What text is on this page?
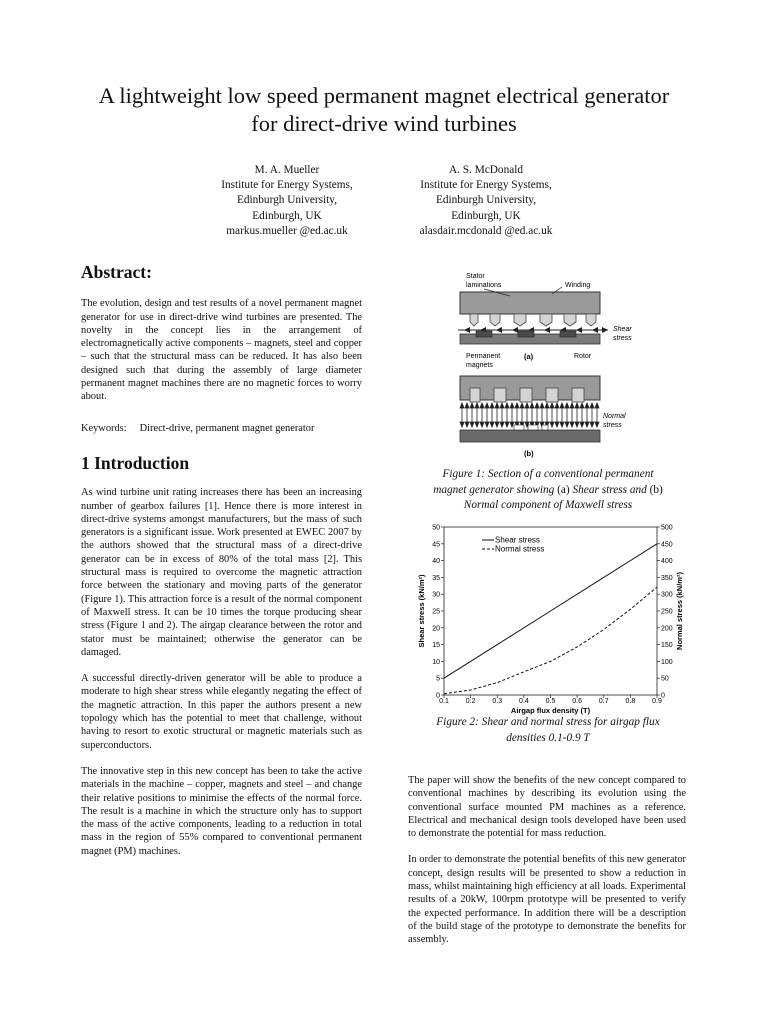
A lightweight low speed permanent magnet electrical generator
for direct-drive wind turbines
M. A. Mueller
Institute for Energy Systems,
Edinburgh University,
Edinburgh, UK
markus.mueller @ed.ac.uk
A. S. McDonald
Institute for Energy Systems,
Edinburgh University,
Edinburgh, UK
alasdair.mcdonald @ed.ac.uk
Abstract:

The evolution, design and test results of a novel permanent magnet generator for use in direct-drive wind turbines are presented. The novelty in the concept lies in the arrangement of electromagnetically active components – magnets, steel and copper – such that the structural mass can be reduced. It has also been designed such that during the assembly of large diameter permanent magnet machines there are no magnetic forces to worry about.

Keywords: Direct-drive, permanent magnet generator

1 Introduction

As wind turbine unit rating increases there has been an increasing number of gearbox failures [1]. Hence there is more interest in direct-drive systems amongst manufacturers, but the mass of such generators is a significant issue. Work presented at EWEC 2007 by the authors showed that the structural mass of a direct-drive generator can be in excess of 80% of the total mass [2]. This structural mass is required to overcome the magnetic attraction force between the stationary and moving parts of the generator (Figure 1). This attraction force is a result of the normal component of Maxwell stress. It can be 10 times the torque producing shear stress (Figure 1 and 2). The airgap clearance between the rotor and stator must be maintained; otherwise the generator can be damaged.

A successful directly-driven generator will be able to produce a moderate to high shear stress while elegantly negating the effect of the magnetic attraction. In this paper the authors present a new topology which has the potential to meet that challenge, without having to resort to exotic structural or magnetic materials such as superconductors.

The innovative step in this new concept has been to take the active materials in the machine – copper, magnets and steel – and change their relative positions to minimise the effects of the normal force. The result is a machine in which the structure only has to support the mass of the active components, leading to a reduction in total mass in the region of 55% compared to conventional permanent magnet (PM) machines.

Stator
laminations	Winding
Shear
stress
Permanent
magnets
(a)	Rotor
Normal
stress
(b)
Figure 1: Section of a conventional permanent
magnet generator showing (a) Shear stress and (b)
Normal component of Maxwell stress
0
5
10
15
20
25
30
35
40
45
50
0
50
100
150
200
250
300
350
400
450
500
0.1 0.2 0.3 0.4 0.5 0.6 0.7 0.8 0.9
Airgap flux density (T)
Shear stress (kN/m²)	Normal stress (kN/m²)
Shear stress
Normal stress
Figure 2: Shear and normal stress for airgap flux
densities 0.1-0.9 T

The paper will show the benefits of the new concept compared to conventional machines by describing its evolution using the conventional surface mounted PM machines as a reference. Electrical and mechanical design tools developed have been used to demonstrate the potential for mass reduction.

In order to demonstrate the potential benefits of this new generator concept, design results will be presented to show a reduction in mass, whilst maintaining high efficiency at all loads. Experimental results of a 20kW, 100rpm prototype will be presented to verify the expected performance. In addition there will be a description of the build stage of the prototype to demonstrate the benefits for assembly.
